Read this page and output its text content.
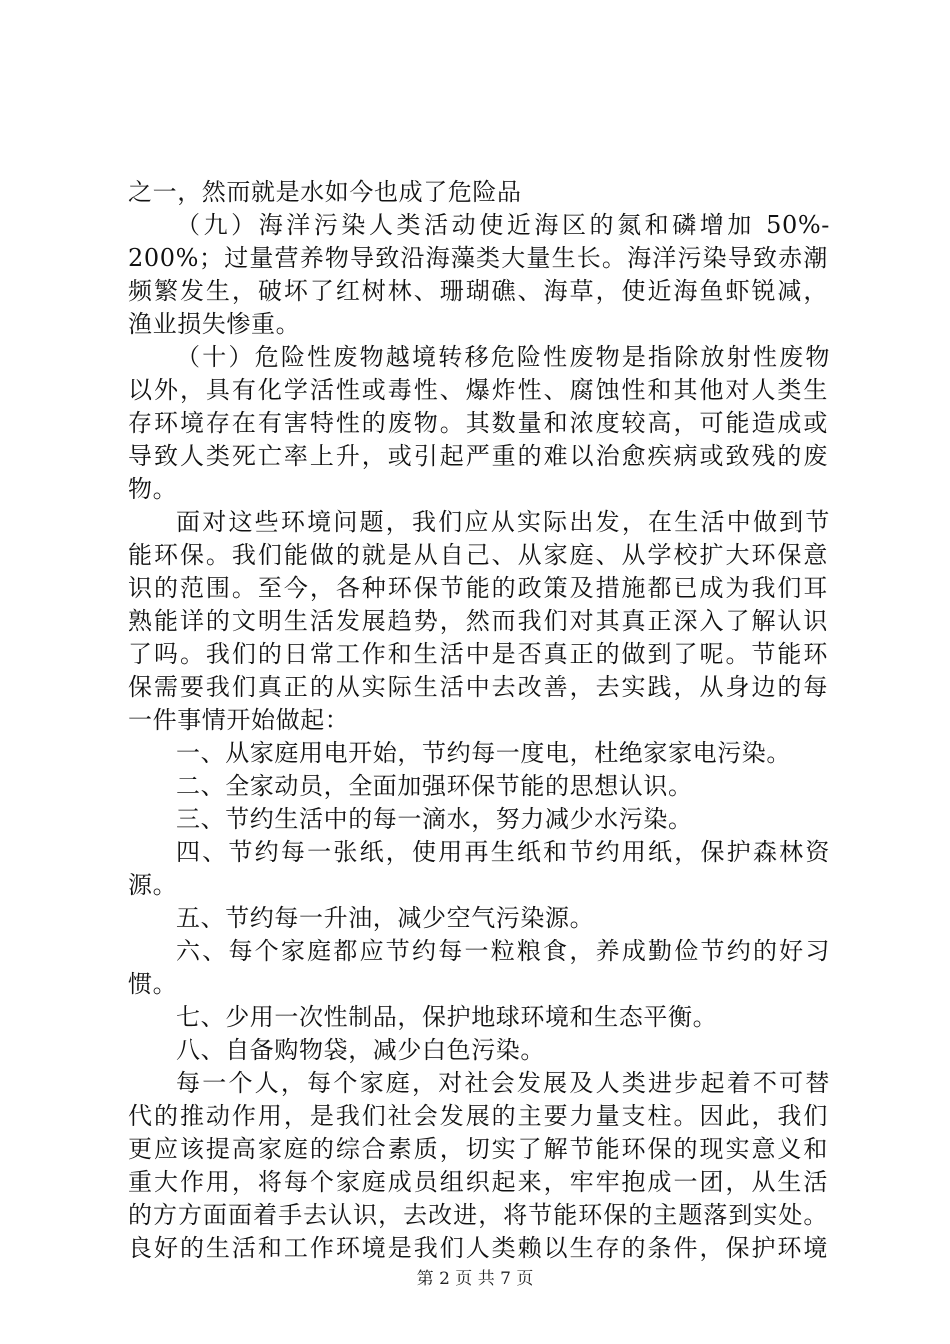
之一，然而就是水如今也成了危险品
（九）海洋污染人类活动使近海区的氮和磷增加 50%-
200%；过量营养物导致沿海藻类大量生长。海洋污染导致赤潮
频繁发生，破坏了红树林、珊瑚礁、海草，使近海鱼虾锐减，
渔业损失惨重。
（十）危险性废物越境转移危险性废物是指除放射性废物
以外，具有化学活性或毒性、爆炸性、腐蚀性和其他对人类生
存环境存在有害特性的废物。其数量和浓度较高，可能造成或
导致人类死亡率上升，或引起严重的难以治愈疾病或致残的废
物。
面对这些环境问题，我们应从实际出发，在生活中做到节
能环保。我们能做的就是从自己、从家庭、从学校扩大环保意
识的范围。至今，各种环保节能的政策及措施都已成为我们耳
熟能详的文明生活发展趋势，然而我们对其真正深入了解认识
了吗。我们的日常工作和生活中是否真正的做到了呢。节能环
保需要我们真正的从实际生活中去改善，去实践，从身边的每
一件事情开始做起：
一、从家庭用电开始，节约每一度电，杜绝家家电污染。
二、全家动员，全面加强环保节能的思想认识。
三、节约生活中的每一滴水，努力减少水污染。
四、节约每一张纸，使用再生纸和节约用纸，保护森林资
源。
五、节约每一升油，减少空气污染源。
六、每个家庭都应节约每一粒粮食，养成勤俭节约的好习
惯。
七、少用一次性制品，保护地球环境和生态平衡。
八、自备购物袋，减少白色污染。
每一个人，每个家庭，对社会发展及人类进步起着不可替
代的推动作用，是我们社会发展的主要力量支柱。因此，我们
更应该提高家庭的综合素质，切实了解节能环保的现实意义和
重大作用，将每个家庭成员组织起来，牢牢抱成一团，从生活
的方方面面着手去认识，去改进，将节能环保的主题落到实处。
良好的生活和工作环境是我们人类赖以生存的条件，保护环境
第 2 页 共 7 页
